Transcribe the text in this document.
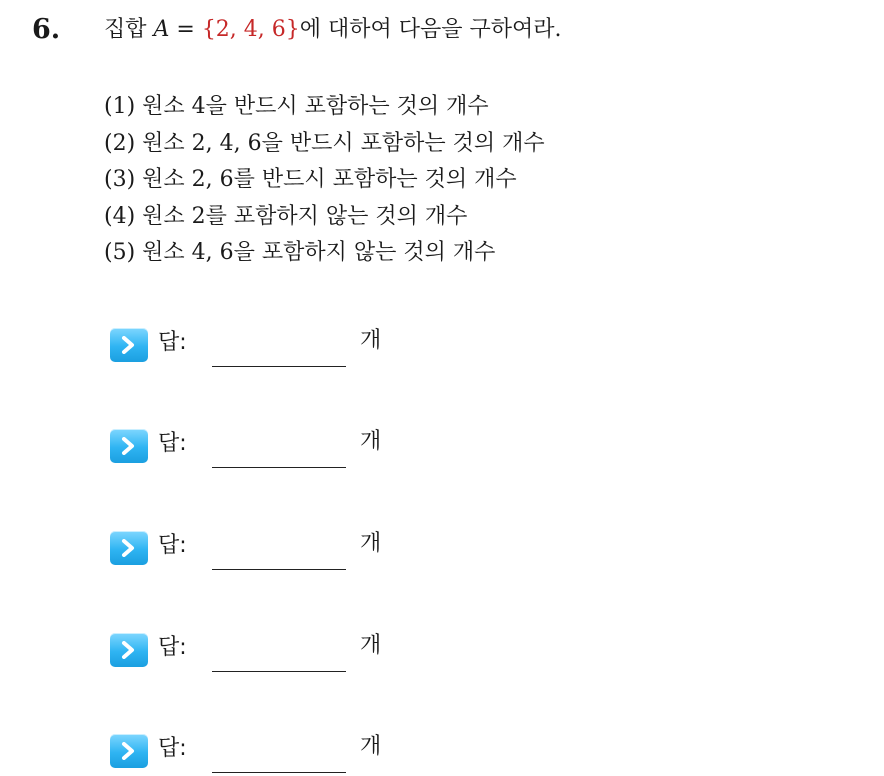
6. 집합 A = {2, 4, 6}에 대하여 다음을 구하여라.
(1) 원소 4을 반드시 포함하는 것의 개수
(2) 원소 2, 4, 6을 반드시 포함하는 것의 개수
(3) 원소 2, 6를 반드시 포함하는 것의 개수
(4) 원소 2를 포함하지 않는 것의 개수
(5) 원소 4, 6을 포함하지 않는 것의 개수
답:	개
답:	개
답:	개
답:	개
답:	개
